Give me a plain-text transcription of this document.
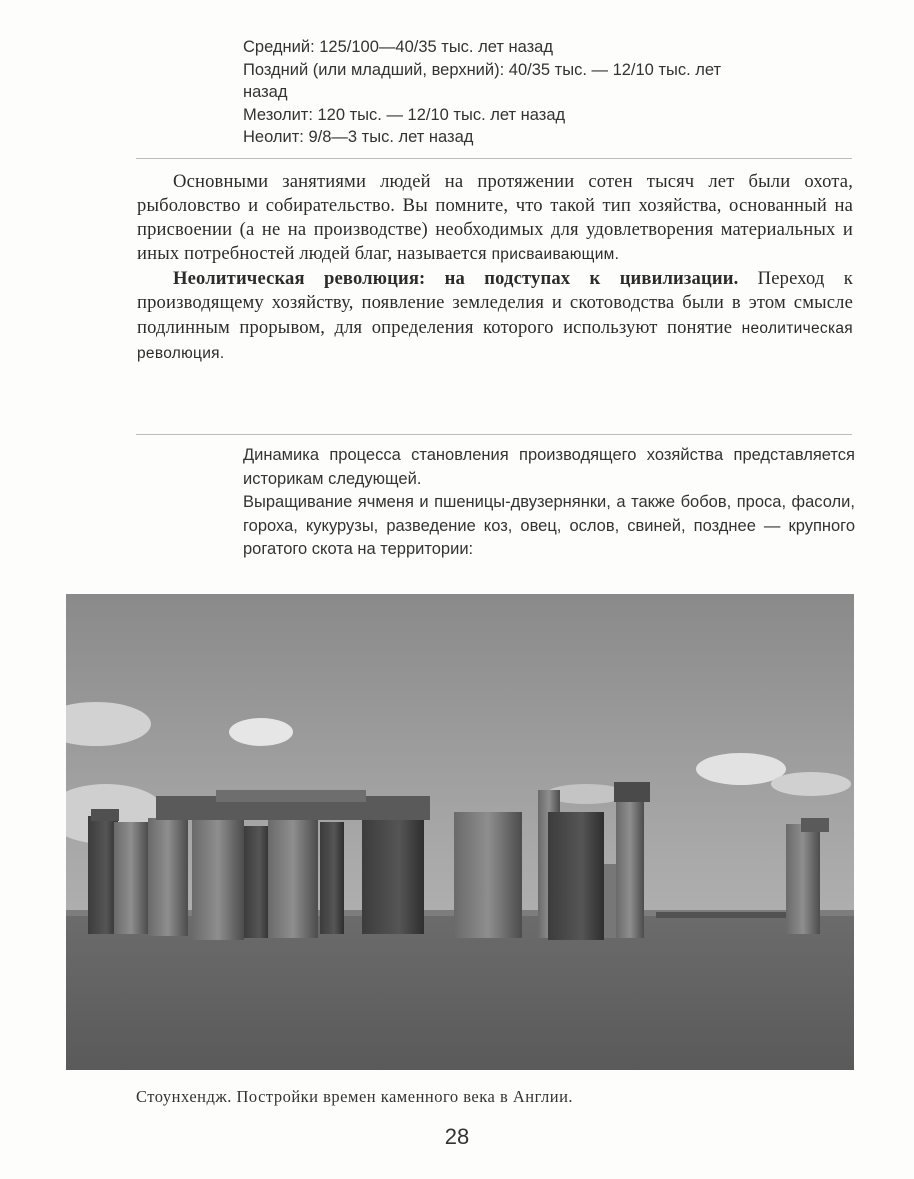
Средний: 125/100—40/35 тыс. лет назад
Поздний (или младший, верхний): 40/35 тыс. — 12/10 тыс. лет
назад
Мезолит: 120 тыс. — 12/10 тыс. лет назад
Неолит: 9/8—3 тыс. лет назад

Основными занятиями людей на протяжении сотен тысяч лет были охота, рыболовство и собирательство. Вы помните, что такой тип хозяйства, основанный на присвоении (а не на производстве) необходимых для удовлетворения материальных и иных потребностей людей благ, называется присваивающим.

Неолитическая революция: на подступах к цивилизации. Переход к производящему хозяйству, появление земледелия и скотоводства были в этом смысле подлинным прорывом, для определения которого используют понятие неолитическая революция.

Динамика процесса становления производящего хозяйства представляется историкам следующей.

Выращивание ячменя и пшеницы-двузернянки, а также бобов, проса, фасоли, гороха, кукурузы, разведение коз, овец, ослов, свиней, позднее — крупного рогатого скота на территории:

Стоунхендж. Постройки времен каменного века в Англии.
28
